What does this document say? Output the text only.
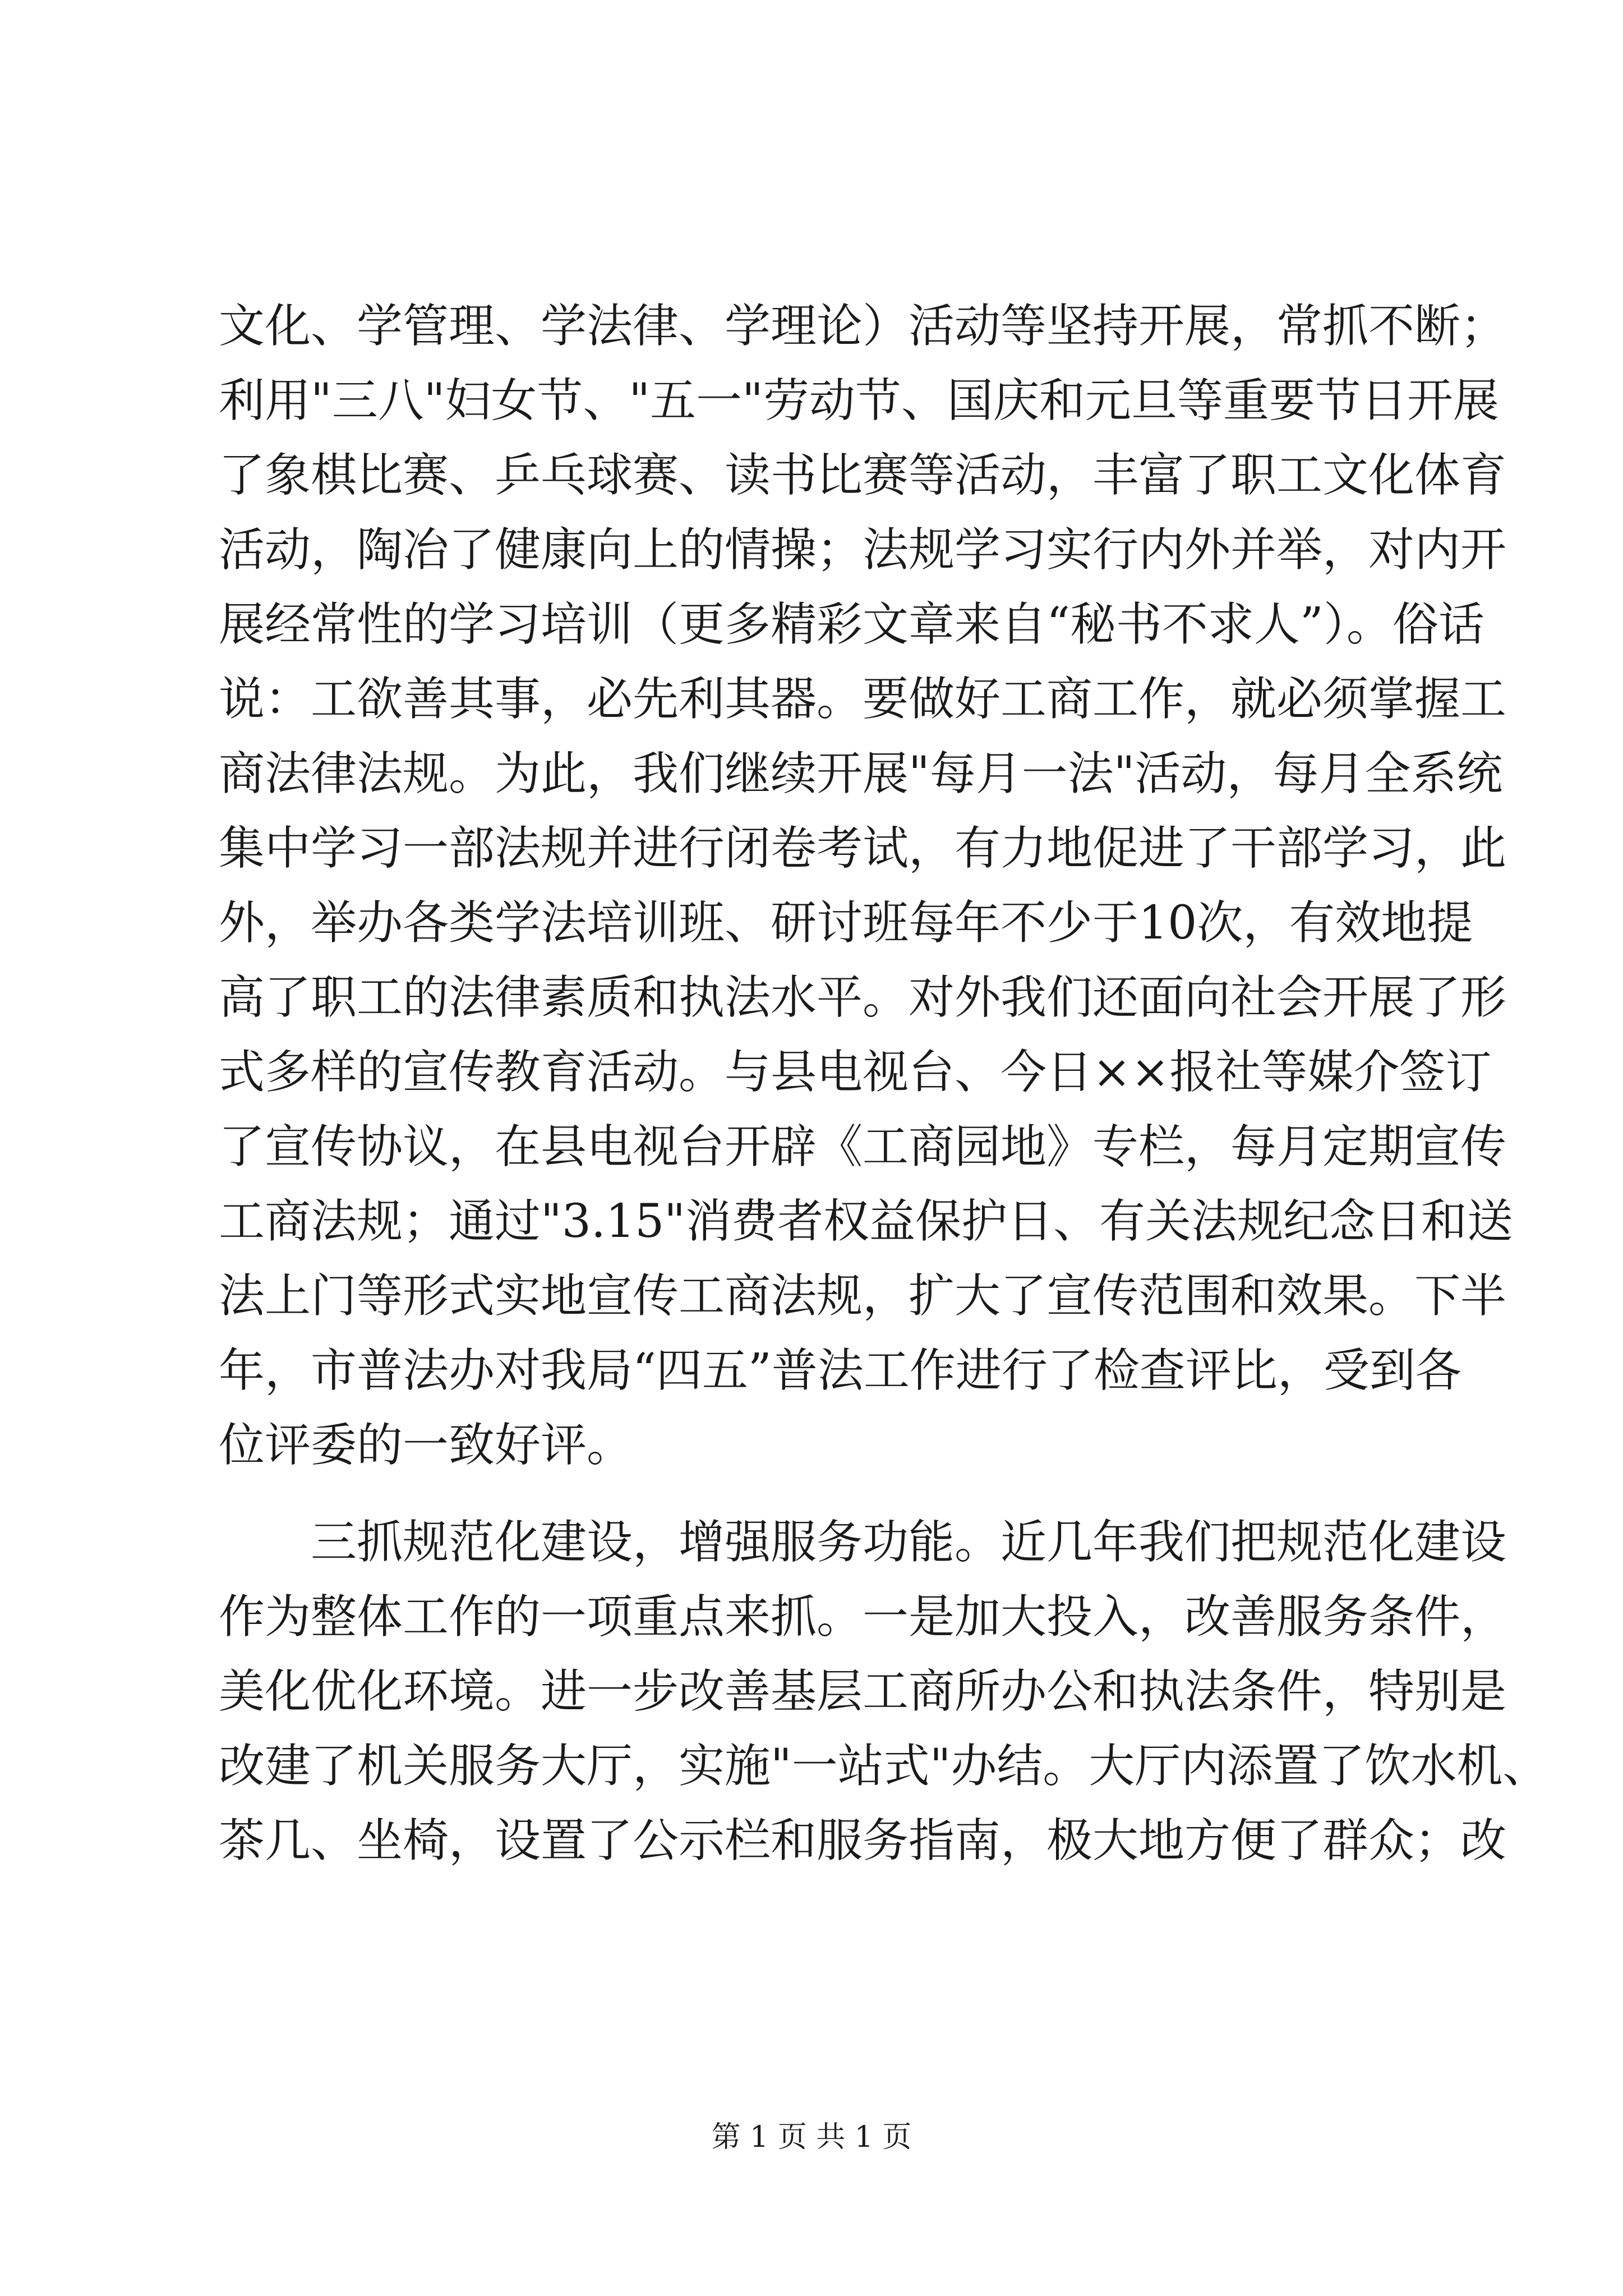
文化、学管理、学法律、学理论）活动等坚持开展，常抓不断；
利用"三八"妇女节、"五一"劳动节、国庆和元旦等重要节日开展
了象棋比赛、乒乓球赛、读书比赛等活动，丰富了职工文化体育
活动，陶冶了健康向上的情操；法规学习实行内外并举，对内开
展经常性的学习培训（更多精彩文章来自“秘书不求人”）。俗话
说：工欲善其事，必先利其器。要做好工商工作，就必须掌握工
商法律法规。为此，我们继续开展"每月一法"活动，每月全系统
集中学习一部法规并进行闭卷考试，有力地促进了干部学习，此
外，举办各类学法培训班、研讨班每年不少于10次，有效地提
高了职工的法律素质和执法水平。对外我们还面向社会开展了形
式多样的宣传教育活动。与县电视台、今日××报社等媒介签订
了宣传协议，在县电视台开辟《工商园地》专栏，每月定期宣传
工商法规；通过"3.15"消费者权益保护日、有关法规纪念日和送
法上门等形式实地宣传工商法规，扩大了宣传范围和效果。下半
年，市普法办对我局“四五”普法工作进行了检查评比，受到各
位评委的一致好评。
　　三抓规范化建设，增强服务功能。近几年我们把规范化建设
作为整体工作的一项重点来抓。一是加大投入，改善服务条件，
美化优化环境。进一步改善基层工商所办公和执法条件，特别是
改建了机关服务大厅，实施"一站式"办结。大厅内添置了饮水机、
茶几、坐椅，设置了公示栏和服务指南，极大地方便了群众；改
第 1 页 共 1 页
